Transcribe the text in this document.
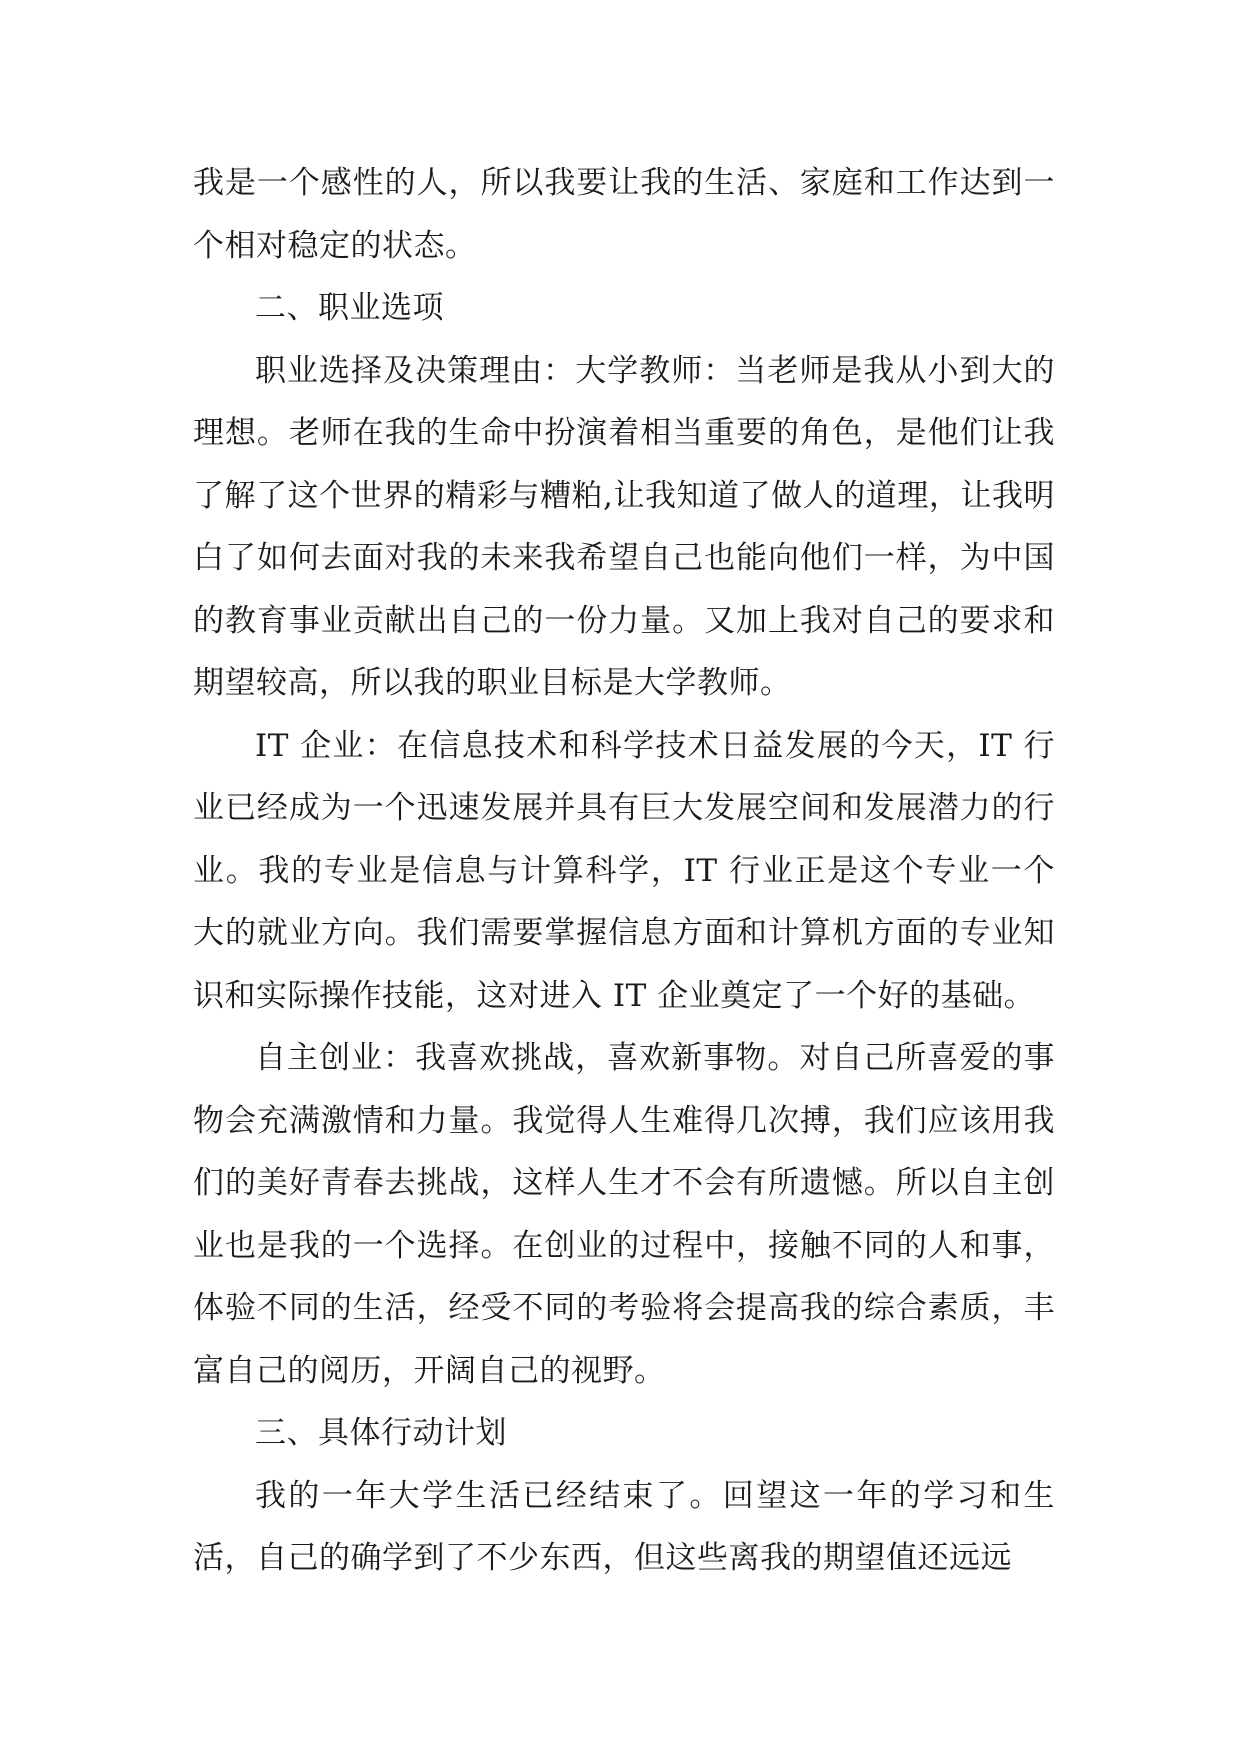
我是一个感性的人，所以我要让我的生活、家庭和工作达到一个相对稳定的状态。

二、职业选项

职业选择及决策理由：大学教师：当老师是我从小到大的理想。老师在我的生命中扮演着相当重要的角色，是他们让我了解了这个世界的精彩与糟粕,让我知道了做人的道理，让我明白了如何去面对我的未来我希望自己也能向他们一样，为中国的教育事业贡献出自己的一份力量。又加上我对自己的要求和期望较高，所以我的职业目标是大学教师。

IT 企业：在信息技术和科学技术日益发展的今天，IT 行业已经成为一个迅速发展并具有巨大发展空间和发展潜力的行业。我的专业是信息与计算科学，IT 行业正是这个专业一个大的就业方向。我们需要掌握信息方面和计算机方面的专业知识和实际操作技能，这对进入 IT 企业奠定了一个好的基础。

自主创业：我喜欢挑战，喜欢新事物。对自己所喜爱的事物会充满激情和力量。我觉得人生难得几次搏，我们应该用我们的美好青春去挑战，这样人生才不会有所遗憾。所以自主创业也是我的一个选择。在创业的过程中，接触不同的人和事，体验不同的生活，经受不同的考验将会提高我的综合素质，丰富自己的阅历，开阔自己的视野。

三、具体行动计划

我的一年大学生活已经结束了。回望这一年的学习和生活，自己的确学到了不少东西，但这些离我的期望值还远远
